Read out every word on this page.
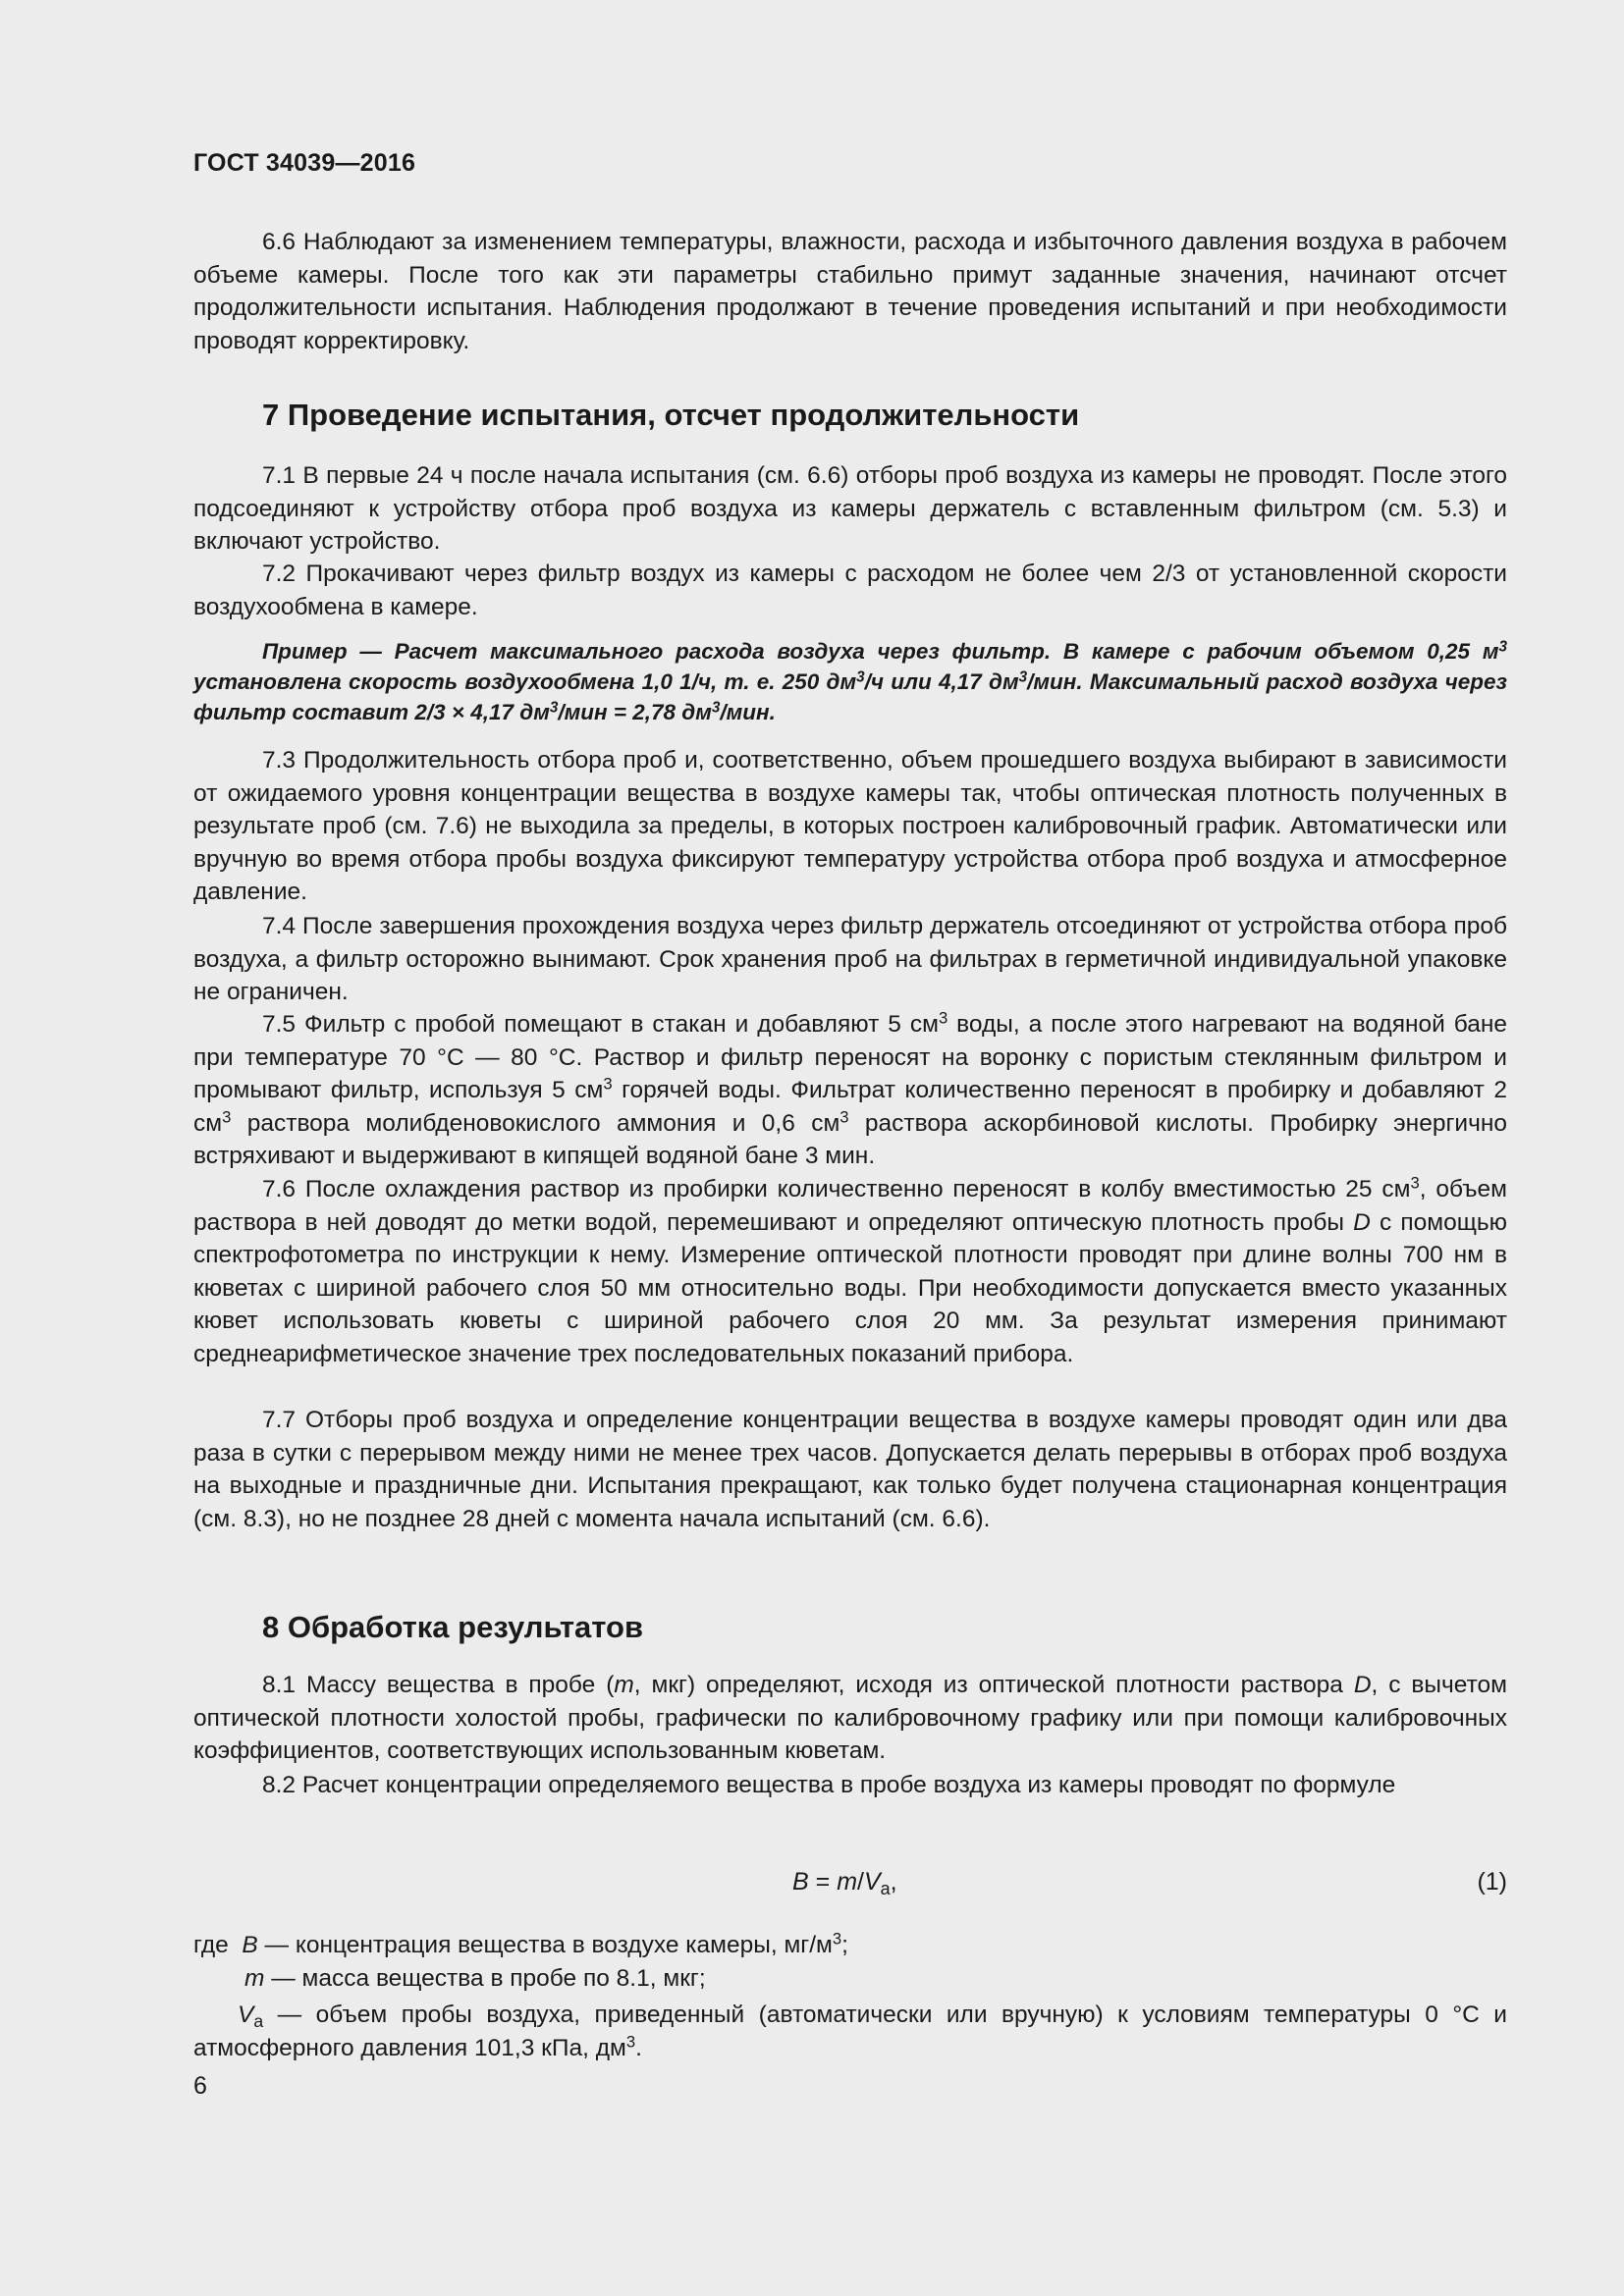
ГОСТ 34039—2016
6.6 Наблюдают за изменением температуры, влажности, расхода и избыточного давления воздуха в рабочем объеме камеры. После того как эти параметры стабильно примут заданные значения, начинают отсчет продолжительности испытания. Наблюдения продолжают в течение проведения испытаний и при необходимости проводят корректировку.
7 Проведение испытания, отсчет продолжительности
7.1 В первые 24 ч после начала испытания (см. 6.6) отборы проб воздуха из камеры не проводят. После этого подсоединяют к устройству отбора проб воздуха из камеры держатель с вставленным фильтром (см. 5.3) и включают устройство.
7.2 Прокачивают через фильтр воздух из камеры с расходом не более чем 2/3 от установленной скорости воздухообмена в камере.
Пример — Расчет максимального расхода воздуха через фильтр. В камере с рабочим объемом 0,25 $м^3$ установлена скорость воздухообмена 1,0 1/ч, т. е. 250 $дм^3/ч$ или 4,17 $дм^3$/мин. Максимальный расход воздуха через фильтр составит 2/3 × 4,17 $дм^3$/мин = 2,78 $дм^3$/мин.
7.3 Продолжительность отбора проб и, соответственно, объем прошедшего воздуха выбирают в зависимости от ожидаемого уровня концентрации вещества в воздухе камеры так, чтобы оптическая плотность полученных в результате проб (см. 7.6) не выходила за пределы, в которых построен калибровочный график. Автоматически или вручную во время отбора пробы воздуха фиксируют температуру устройства отбора проб воздуха и атмосферное давление.
7.4 После завершения прохождения воздуха через фильтр держатель отсоединяют от устройства отбора проб воздуха, а фильтр осторожно вынимают. Срок хранения проб на фильтрах в герметичной индивидуальной упаковке не ограничен.
7.5 Фильтр с пробой помещают в стакан и добавляют 5 $см^3$ воды, а после этого нагревают на водяной бане при температуре 70 °С — 80 °С. Раствор и фильтр переносят на воронку с пористым стеклянным фильтром и промывают фильтр, используя 5 $см^3$ горячей воды. Фильтрат количественно переносят в пробирку и добавляют 2 $см^3$ раствора молибденовокислого аммония и 0,6 $см^3$ раствора аскорбиновой кислоты. Пробирку энергично встряхивают и выдерживают в кипящей водяной бане 3 мин.
7.6 После охлаждения раствор из пробирки количественно переносят в колбу вместимостью 25 $см^3$, объем раствора в ней доводят до метки водой, перемешивают и определяют оптическую плотность пробы D с помощью спектрофотометра по инструкции к нему. Измерение оптической плотности проводят при длине волны 700 нм в кюветах с шириной рабочего слоя 50 мм относительно воды. При необходимости допускается вместо указанных кювет использовать кюветы с шириной рабочего слоя 20 мм. За результат измерения принимают среднеарифметическое значение трех последовательных показаний прибора.
7.7 Отборы проб воздуха и определение концентрации вещества в воздухе камеры проводят один или два раза в сутки с перерывом между ними не менее трех часов. Допускается делать перерывы в отборах проб воздуха на выходные и праздничные дни. Испытания прекращают, как только будет получена стационарная концентрация (см. 8.3), но не позднее 28 дней с момента начала испытаний (см. 6.6).
8 Обработка результатов
8.1 Массу вещества в пробе (m, мкг) определяют, исходя из оптической плотности раствора D, с вычетом оптической плотности холостой пробы, графически по калибровочному графику или при помощи калибровочных коэффициентов, соответствующих использованным кюветам.
8.2 Расчет концентрации определяемого вещества в пробе воздуха из камеры проводят по формуле
$B = m/V_а$,	(1)
где B — концентрация вещества в воздухе камеры, $мг/м^3$;
m — масса вещества в пробе по 8.1, мкг;
$V_а$ — объем пробы воздуха, приведенный (автоматически или вручную) к условиям температуры 0 °С и атмосферного давления 101,3 кПа, $дм^3$.
6
